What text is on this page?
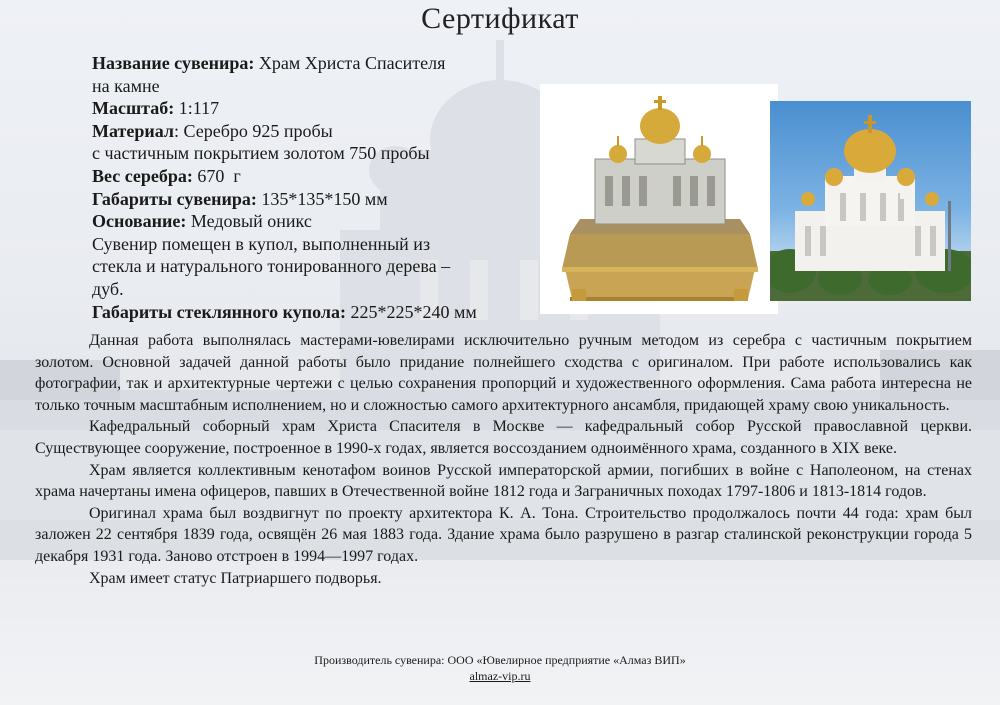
Сертификат
Название сувенира: Храм Христа Спасителя
на камне
Масштаб: 1:117
Материал: Серебро 925 пробы
с частичным покрытием золотом 750 пробы
Вес серебра: 670  г
Габариты сувенира: 135*135*150 мм
Основание: Медовый оникс
Сувенир помещен в купол, выполненный из
стекла и натурального тонированного дерева –
дуб.
Габариты стеклянного купола: 225*225*240 мм

Данная работа выполнялась мастерами-ювелирами исключительно ручным методом из серебра с частичным покрытием золотом. Основной задачей данной работы было придание полнейшего сходства с оригиналом. При работе использовались как фотографии, так и архитектурные чертежи с целью сохранения пропорций и художественного оформления. Сама работа интересна не только точным масштабным исполнением, но и сложностью самого архитектурного ансамбля, придающей храму свою уникальность.

Кафедральный соборный храм Христа Спасителя в Москве — кафедральный собор Русской православной церкви. Существующее сооружение, построенное в 1990-х годах, является воссозданием одноимённого храма, созданного в XIX веке.

Храм является коллективным кенотафом воинов Русской императорской армии, погибших в войне с Наполеоном, на стенах храма начертаны имена офицеров, павших в Отечественной войне 1812 года и Заграничных походах 1797-1806 и 1813-1814 годов.

Оригинал храма был воздвигнут по проекту архитектора К. А. Тона. Строительство продолжалось почти 44 года: храм был заложен 22 сентября 1839 года, освящён 26 мая 1883 года. Здание храма было разрушено в разгар сталинской реконструкции города 5 декабря 1931 года. Заново отстроен в 1994—1997 годах.

Храм имеет статус Патриаршего подворья.

Производитель сувенира: ООО «Ювелирное предприятие «Алмаз ВИП»
almaz-vip.ru
